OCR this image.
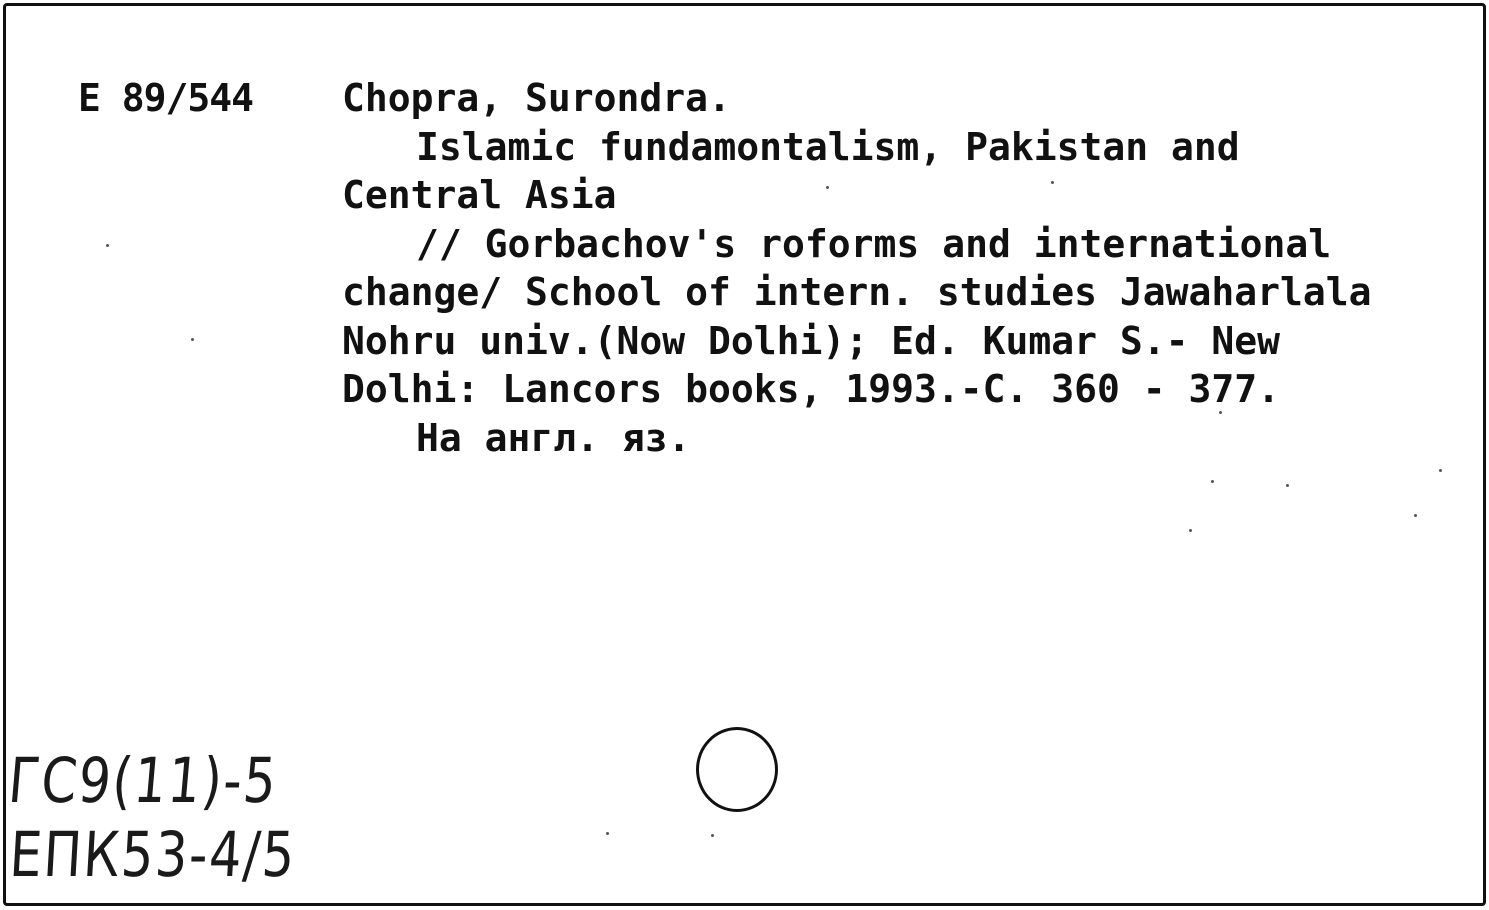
Е 89/544 Chopra, Surondra.
Islamic fundamontalism, Pakistan and
Central Asia
// Gorbachov's roforms and international
change/ School of intern. studies Jawaharlala
Nohru univ.(Now Dolhi); Ed. Kumar S.- New
Dolhi: Lancors books, 1993.-C. 360 - 377.
На англ. яз.
ГС9(11)-5
ЕПК53-4/5
